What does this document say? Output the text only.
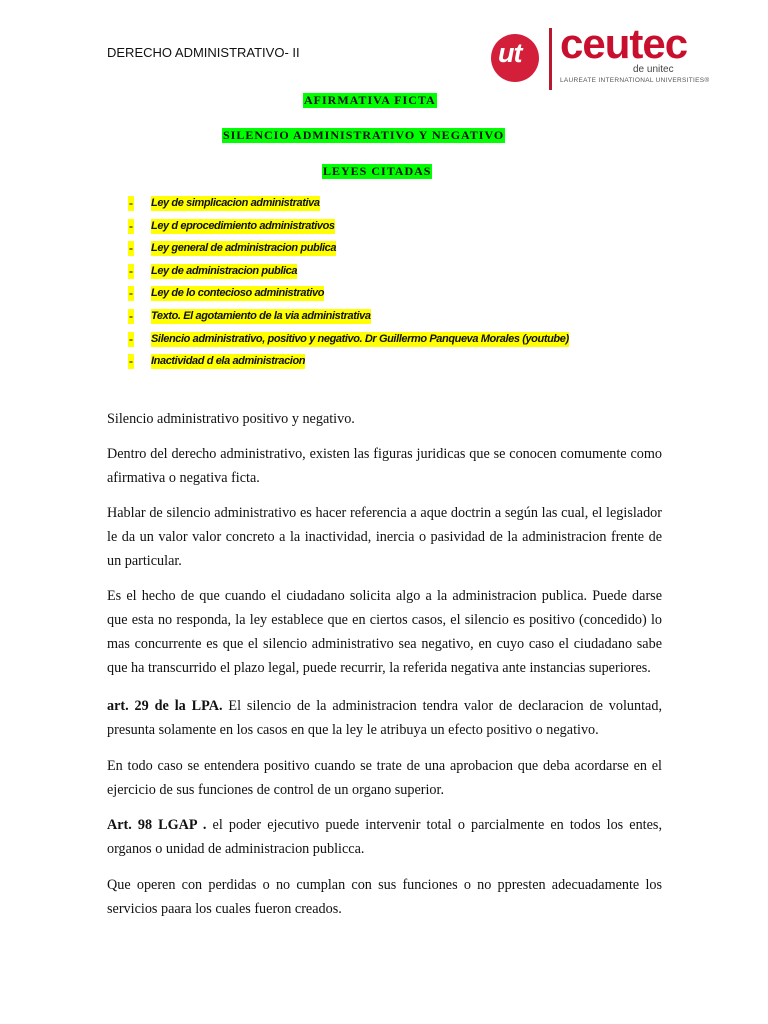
DERECHO ADMINISTRATIVO- II	ut ceutec
de unitec
LAUREATE INTERNATIONAL UNIVERSITIES®
AFIRMATIVA FICTA
SILENCIO ADMINISTRATIVO Y NEGATIVO
LEYES CITADAS
- Ley de simplicacion administrativa
- Ley d eprocedimiento administrativos
- Ley general de administracion publica
- Ley de administracion publica
- Ley de lo contecioso administrativo
- Texto. El agotamiento de la via administrativa
- Silencio administrativo, positivo y negativo. Dr Guillermo Panqueva Morales (youtube)
- Inactividad d ela administracion

Silencio administrativo positivo y negativo.

Dentro del derecho administrativo, existen las figuras juridicas que se conocen comumente como afirmativa o negativa ficta.

Hablar de silencio administrativo es hacer referencia a aque doctrin a según las cual, el legislador le da un valor valor concreto a la inactividad, inercia o pasividad de la administracion frente de un particular.

Es el hecho de que cuando el ciudadano solicita algo a la administracion publica. Puede darse que esta no responda, la ley establece que en ciertos casos, el silencio es positivo (concedido) lo mas concurrente es que el silencio administrativo sea negativo, en cuyo caso el ciudadano sabe que ha transcurrido el plazo legal, puede recurrir, la referida negativa ante instancias superiores.

art. 29 de la LPA. El silencio de la administracion tendra valor de declaracion de voluntad, presunta solamente en los casos en que la ley le atribuya un efecto positivo o negativo.

En todo caso se entendera positivo cuando se trate de una aprobacion que deba acordarse en el ejercicio de sus funciones de control de un organo superior.

Art. 98 LGAP . el poder ejecutivo puede intervenir total o parcialmente en todos los entes, organos o unidad de administracion publicca.

Que operen con perdidas o no cumplan con sus funciones o no ppresten adecuadamente los servicios paara los cuales fueron creados.
